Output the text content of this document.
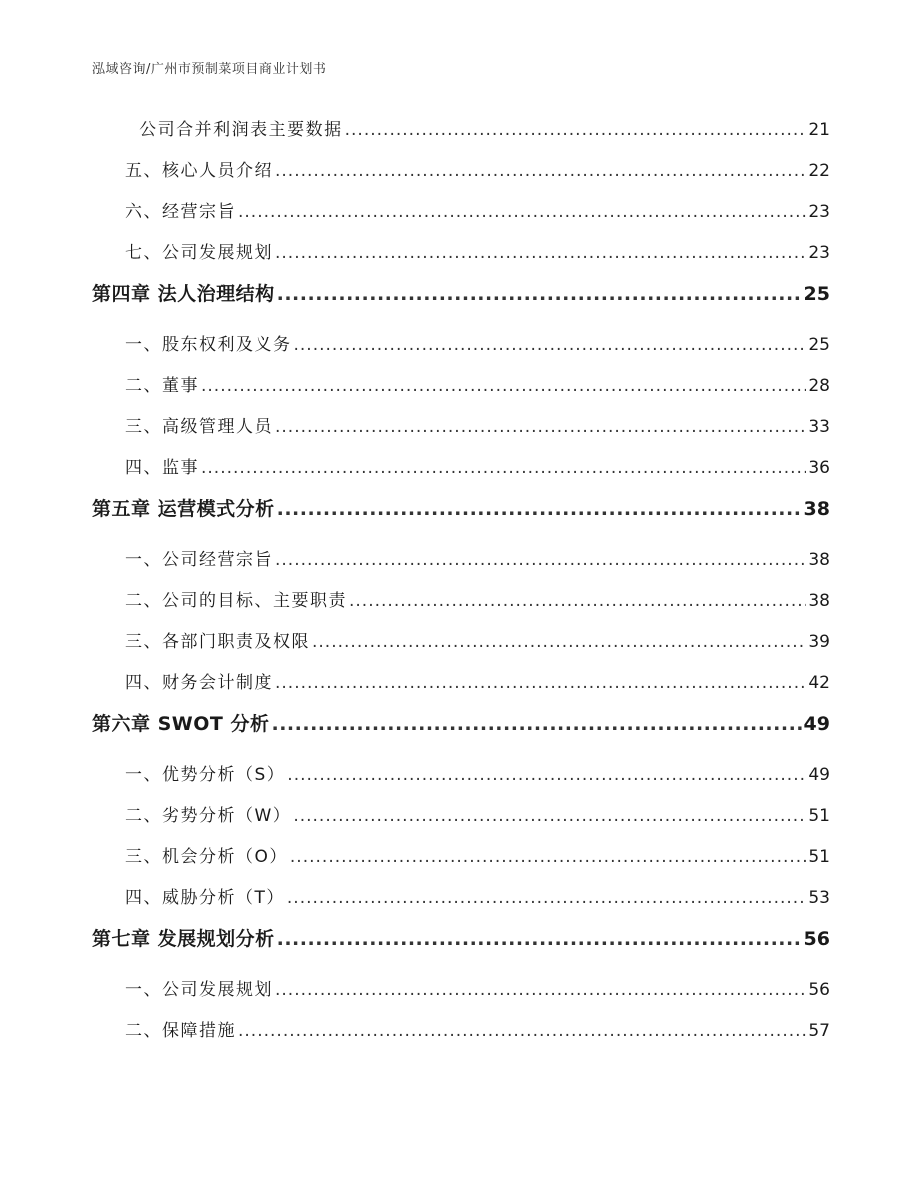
泓域咨询/广州市预制菜项目商业计划书
公司合并利润表主要数据 .....	21
五、 核心人员介绍 .....	22
六、 经营宗旨 .....	23
七、 公司发展规划 .....	23
第四章 法人治理结构 .....	25
一、 股东权利及义务 .....	25
二、 董事 .....	28
三、 高级管理人员 .....	33
四、 监事 .....	36
第五章 运营模式分析 .....	38
一、 公司经营宗旨 .....	38
二、 公司的目标、主要职责 .....	38
三、 各部门职责及权限 .....	39
四、 财务会计制度 .....	42
第六章 SWOT 分析 .....	49
一、 优势分析（S） .....	49
二、 劣势分析（W） .....	51
三、 机会分析（O） .....	51
四、 威胁分析（T） .....	53
第七章 发展规划分析 .....	56
一、 公司发展规划 .....	56
二、 保障措施 .....	57
